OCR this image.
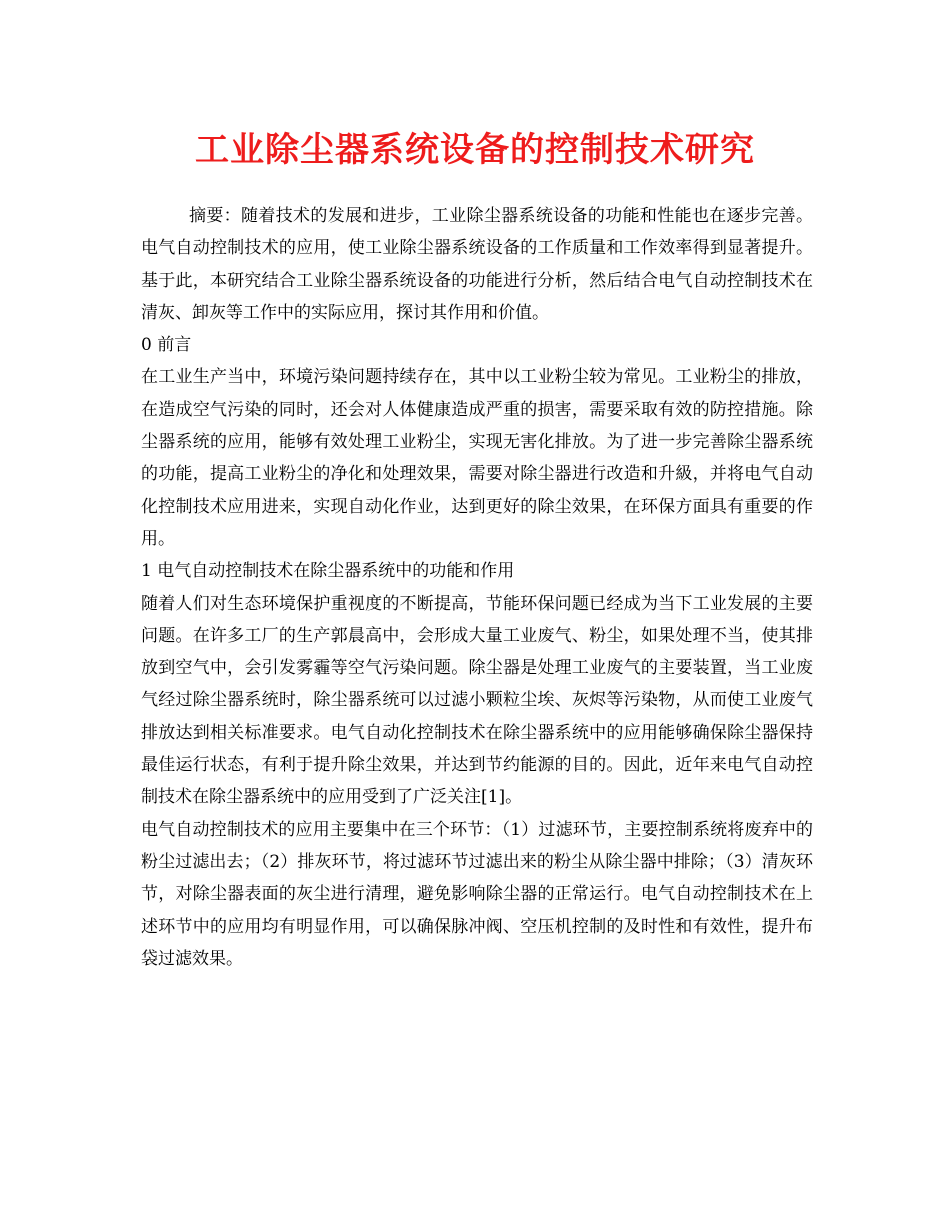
工业除尘器系统设备的控制技术研究

摘要：随着技术的发展和进步，工业除尘器系统设备的功能和性能也在逐步完善。电气自动控制技术的应用，使工业除尘器系统设备的工作质量和工作效率得到显著提升。基于此，本研究结合工业除尘器系统设备的功能进行分析，然后结合电气自动控制技术在清灰、卸灰等工作中的实际应用，探讨其作用和价值。

0 前言

在工业生产当中，环境污染问题持续存在，其中以工业粉尘较为常见。工业粉尘的排放，在造成空气污染的同时，还会对人体健康造成严重的损害，需要采取有效的防控措施。除尘器系统的应用，能够有效处理工业粉尘，实现无害化排放。为了进一步完善除尘器系统的功能，提高工业粉尘的净化和处理效果，需要对除尘器进行改造和升級，并将电气自动化控制技术应用进来，实现自动化作业，达到更好的除尘效果，在环保方面具有重要的作用。

1 电气自动控制技术在除尘器系统中的功能和作用

随着人们对生态环境保护重视度的不断提高，节能环保问题已经成为当下工业发展的主要问题。在许多工厂的生产郭晨高中，会形成大量工业废气、粉尘，如果处理不当，使其排放到空气中，会引发雾霾等空气污染问题。除尘器是处理工业废气的主要装置，当工业废气经过除尘器系统时，除尘器系统可以过滤小颗粒尘埃、灰烬等污染物，从而使工业废气排放达到相关标准要求。电气自动化控制技术在除尘器系统中的应用能够确保除尘器保持最佳运行状态，有利于提升除尘效果，并达到节约能源的目的。因此，近年来电气自动控制技术在除尘器系统中的应用受到了广泛关注[1]。

电气自动控制技术的应用主要集中在三个环节：（1）过滤环节，主要控制系统将废弃中的粉尘过滤出去；（2）排灰环节，将过滤环节过滤出来的粉尘从除尘器中排除；（3）清灰环节，对除尘器表面的灰尘进行清理，避免影响除尘器的正常运行。电气自动控制技术在上述环节中的应用均有明显作用，可以确保脉冲阀、空压机控制的及时性和有效性，提升布袋过滤效果。
